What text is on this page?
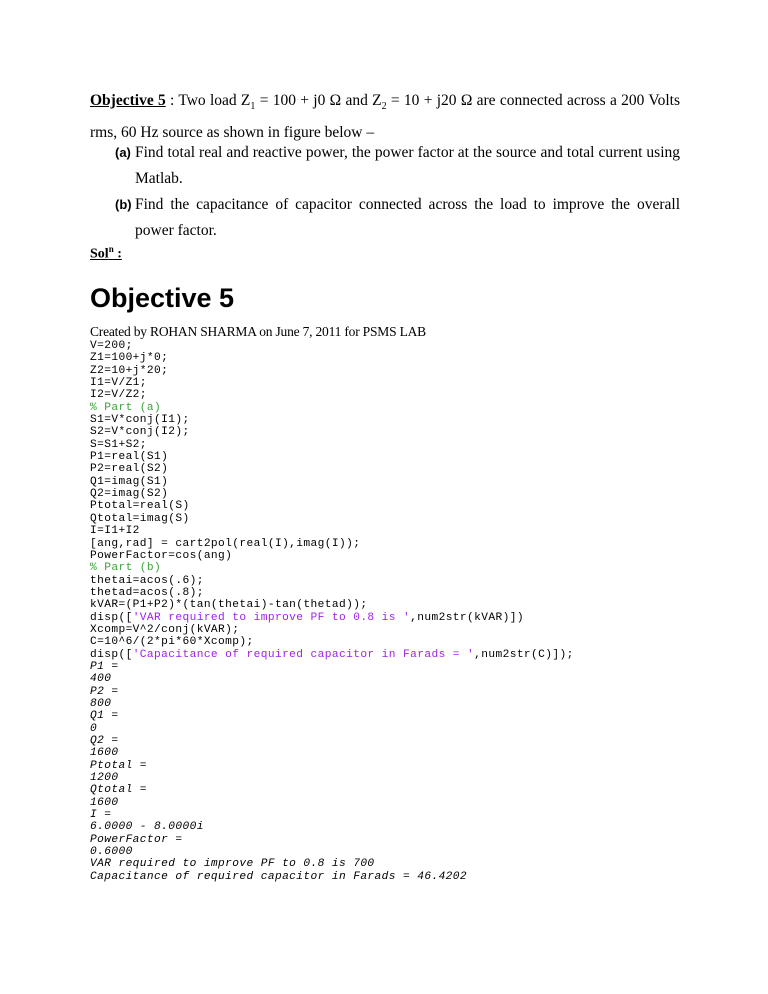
Objective 5 : Two load $Z_1 = 100 + j0$ Ω and $Z_2 = 10 + j20$ Ω are connected across a 200 Volts rms, 60 Hz source as shown in figure below –
(a) Find total real and reactive power, the power factor at the source and total current using Matlab.
(b) Find the capacitance of capacitor connected across the load to improve the overall power factor.
Sol$^n$ :
Objective 5
Created by ROHAN SHARMA on June 7, 2011 for PSMS LAB
V=200;
Z1=100+j*0;
Z2=10+j*20;
I1=V/Z1;
I2=V/Z2;
% Part (a)
S1=V*conj(I1);
S2=V*conj(I2);
S=S1+S2;
P1=real(S1)
P2=real(S2)
Q1=imag(S1)
Q2=imag(S2)
Ptotal=real(S)
Qtotal=imag(S)
I=I1+I2
[ang,rad] = cart2pol(real(I),imag(I));
PowerFactor=cos(ang)
% Part (b)
thetai=acos(.6);
thetad=acos(.8);
kVAR=(P1+P2)*(tan(thetai)-tan(thetad));
disp(['VAR required to improve PF to 0.8 is ',num2str(kVAR)])
Xcomp=V^2/conj(kVAR);
C=10^6/(2*pi*60*Xcomp);
disp(['Capacitance of required capacitor in Farads = ',num2str(C)]);
P1 =
400
P2 =
800
Q1 =
0
Q2 =
1600
Ptotal =
1200
Qtotal =
1600
I =
6.0000 - 8.0000i
PowerFactor =
0.6000
VAR required to improve PF to 0.8 is 700
Capacitance of required capacitor in Farads = 46.4202
